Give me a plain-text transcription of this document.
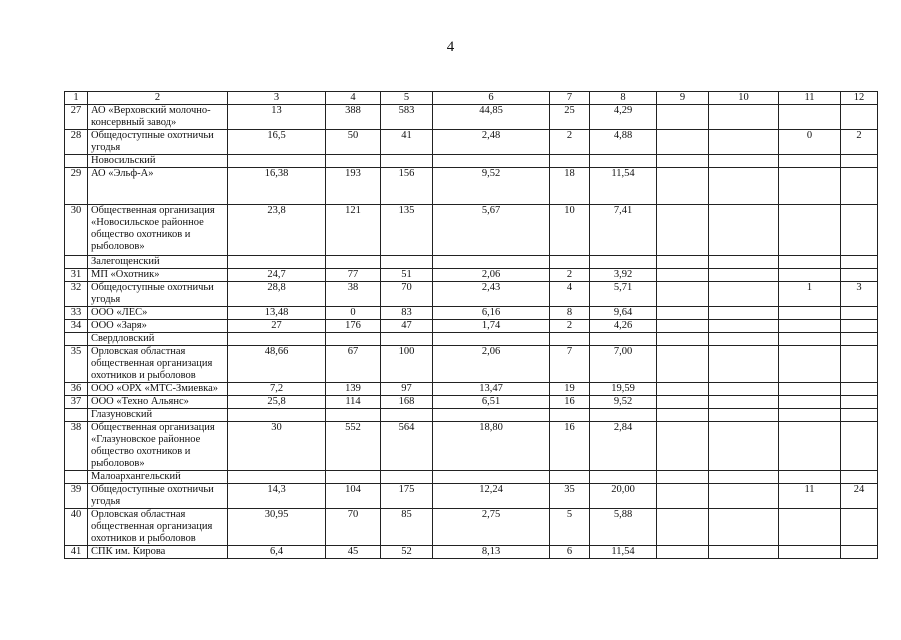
4
1	2	3	4	5	6	7	8	9	10	11	12
27	АО «Верховский молочно-консервный завод»	13	388	583	44,85	25	4,29				
28	Общедоступные охотничьи угодья	16,5	50	41	2,48	2	4,88			0	2
	Новосильский										
29	АО «Эльф-А»	16,38	193	156	9,52	18	11,54				
30	Общественная организация «Новосильское районное общество охотников и рыболовов»	23,8	121	135	5,67	10	7,41				
	Залегощенский										
31	МП «Охотник»	24,7	77	51	2,06	2	3,92				
32	Общедоступные охотничьи угодья	28,8	38	70	2,43	4	5,71			1	3
33	ООО «ЛЕС»	13,48	0	83	6,16	8	9,64				
34	ООО «Заря»	27	176	47	1,74	2	4,26				
	Свердловский										
35	Орловская областная общественная организация охотников и рыболовов	48,66	67	100	2,06	7	7,00				
36	ООО «ОРХ «МТС-Змиевка»	7,2	139	97	13,47	19	19,59				
37	ООО «Техно Альянс»	25,8	114	168	6,51	16	9,52				
	Глазуновский										
38	Общественная организация «Глазуновское районное общество охотников и рыболовов»	30	552	564	18,80	16	2,84				
	Малоархангельский										
39	Общедоступные охотничьи угодья	14,3	104	175	12,24	35	20,00			11	24
40	Орловская областная общественная организация охотников и рыболовов	30,95	70	85	2,75	5	5,88				
41	СПК им. Кирова	6,4	45	52	8,13	6	11,54				
